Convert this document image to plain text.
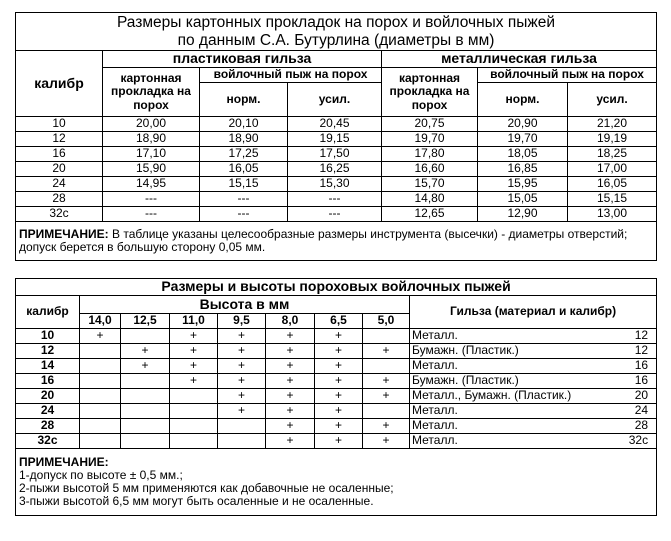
Размеры картонных прокладок на порох и войлочных пыжей
по данным С.А. Бутурлина (диаметры в мм)						
калибр	пластиковая гильза			металлическая гильза		
	картонная прокладка на порох	войлочный пыж на порох		картонная прокладка на порох	войлочный пыж на порох	
		норм.	усил.		норм.	усил.
10	20,00	20,10	20,45	20,75	20,90	21,20
12	18,90	18,90	19,15	19,70	19,70	19,19
16	17,10	17,25	17,50	17,80	18,05	18,25
20	15,90	16,05	16,25	16,60	16,85	17,00
24	14,95	15,15	15,30	15,70	15,95	16,05
28	---	---	---	14,80	15,05	15,15
32c	---	---	---	12,65	12,90	13,00
ПРИМЕЧАНИЕ: В таблице указаны целесообразные размеры инструмента (высечки) - диаметры отверстий; допуск берется в большую сторону 0,05 мм.						
Размеры и высоты пороховых войлочных пыжей								
калибр	Высота в мм							Гильза (материал и калибр)
	14,0	12,5	11,0	9,5	8,0	6,5	5,0	
10	+		+	+	+	+		Металл. 12

12		+	+	+	+	+	+	Бумажн. (Пластик.) 12

14		+	+	+	+	+		Металл. 16

16			+	+	+	+	+	Бумажн. (Пластик.) 16

20				+	+	+	+	Металл., Бумажн. (Пластик.) 20

24				+	+	+		Металл. 24

28					+	+	+	Металл. 28

32c					+	+	+	Металл. 32c

ПРИМЕЧАНИЕ:
1-допуск по высоте ± 0,5 мм.;
2-пыжи высотой 5 мм применяются как добавочные не осаленные;
3-пыжи высотой 6,5 мм могут быть осаленные и не осаленные.								
